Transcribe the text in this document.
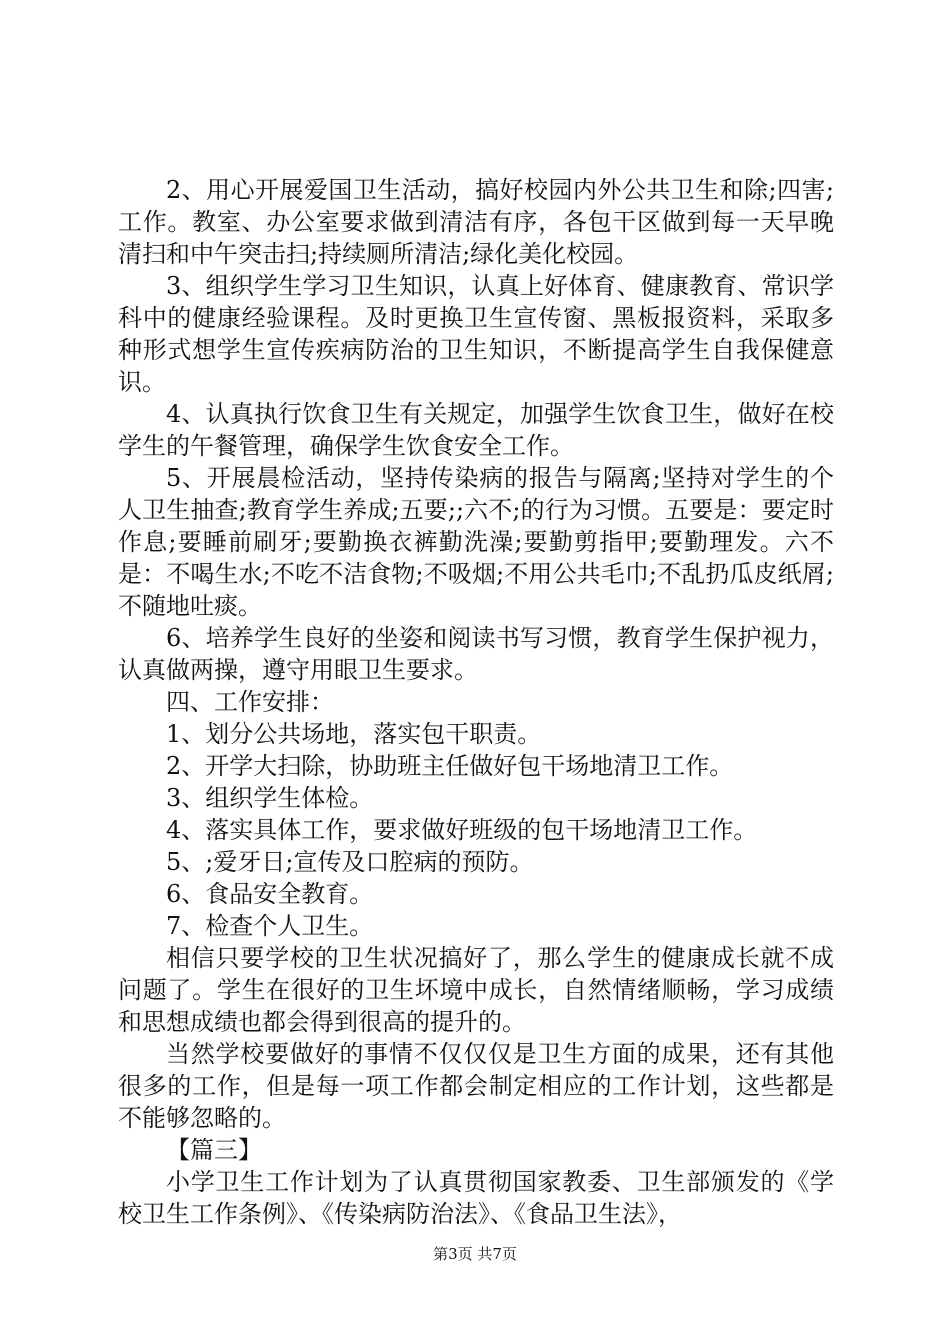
2、用心开展爱国卫生活动，搞好校园内外公共卫生和除;四害;工作。教室、办公室要求做到清洁有序，各包干区做到每一天早晚清扫和中午突击扫;持续厕所清洁;绿化美化校园。

3、组织学生学习卫生知识，认真上好体育、健康教育、常识学科中的健康经验课程。及时更换卫生宣传窗、黑板报资料，采取多种形式想学生宣传疾病防治的卫生知识，不断提高学生自我保健意识。

4、认真执行饮食卫生有关规定，加强学生饮食卫生，做好在校学生的午餐管理，确保学生饮食安全工作。

5、开展晨检活动，坚持传染病的报告与隔离;坚持对学生的个人卫生抽查;教育学生养成;五要;;六不;的行为习惯。五要是：要定时作息;要睡前刷牙;要勤换衣裤勤洗澡;要勤剪指甲;要勤理发。六不是：不喝生水;不吃不洁食物;不吸烟;不用公共毛巾;不乱扔瓜皮纸屑;不随地吐痰。

6、培养学生良好的坐姿和阅读书写习惯，教育学生保护视力，认真做两操，遵守用眼卫生要求。

四、工作安排：

1、划分公共场地，落实包干职责。

2、开学大扫除，协助班主任做好包干场地清卫工作。

3、组织学生体检。

4、落实具体工作，要求做好班级的包干场地清卫工作。

5、;爱牙日;宣传及口腔病的预防。

6、食品安全教育。

7、检查个人卫生。

相信只要学校的卫生状况搞好了，那么学生的健康成长就不成问题了。学生在很好的卫生坏境中成长，自然情绪顺畅，学习成绩和思想成绩也都会得到很高的提升的。

当然学校要做好的事情不仅仅仅是卫生方面的成果，还有其他很多的工作，但是每一项工作都会制定相应的工作计划，这些都是不能够忽略的。

【篇三】

小学卫生工作计划为了认真贯彻国家教委、卫生部颁发的《学校卫生工作条例》、《传染病防治法》、《食品卫生法》，

第3页 共7页
